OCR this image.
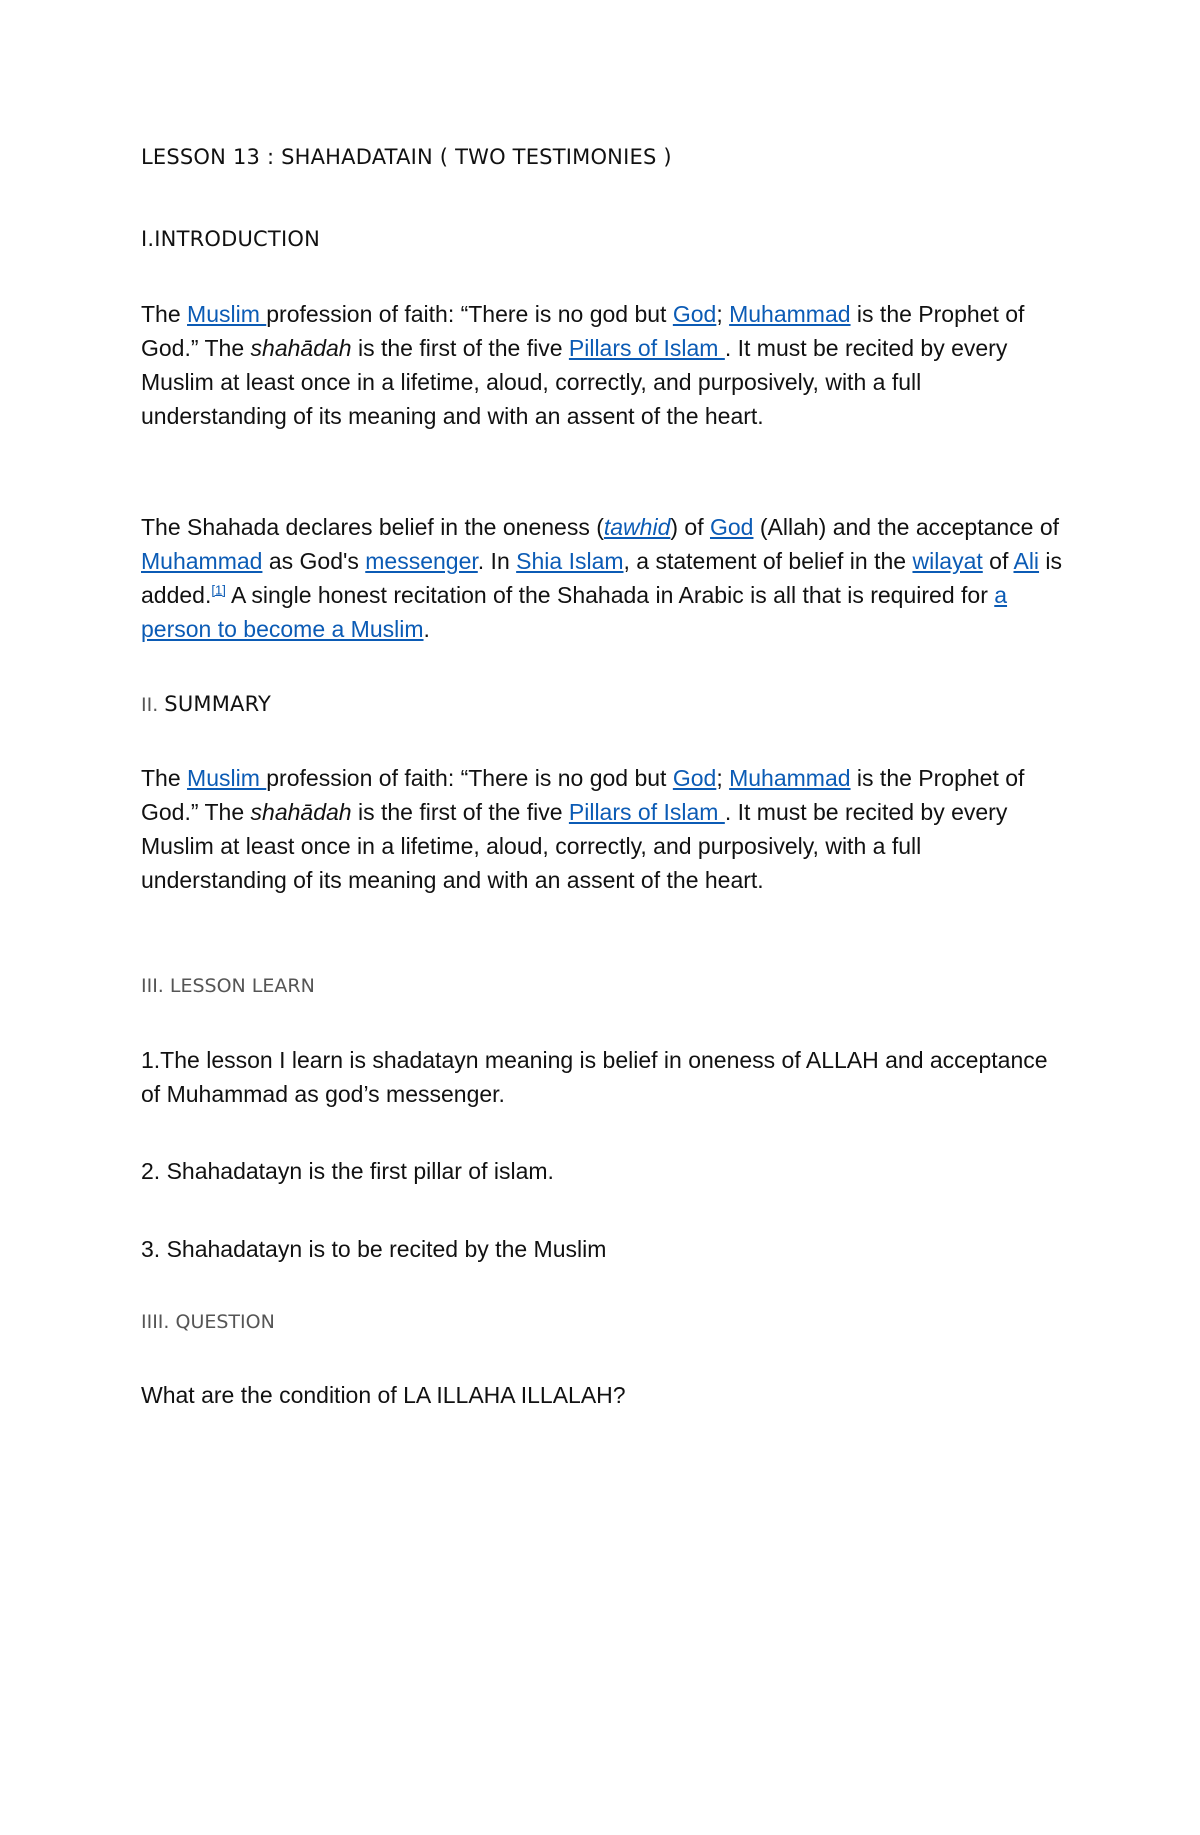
LESSON 13 : SHAHADATAIN ( TWO TESTIMONIES )

I.INTRODUCTION

The Muslim profession of faith: “There is no god but God; Muhammad is the Prophet of God.” The shahādah is the first of the five Pillars of Islam . It must be recited by every Muslim at least once in a lifetime, aloud, correctly, and purposively, with a full understanding of its meaning and with an assent of the heart.

The Shahada declares belief in the oneness (tawhid) of God (Allah) and the acceptance of Muhammad as God's messenger. In Shia Islam, a statement of belief in the wilayat of Ali is added.[1] A single honest recitation of the Shahada in Arabic is all that is required for a person to become a Muslim.

II. SUMMARY

The Muslim profession of faith: “There is no god but God; Muhammad is the Prophet of God.” The shahādah is the first of the five Pillars of Islam . It must be recited by every Muslim at least once in a lifetime, aloud, correctly, and purposively, with a full understanding of its meaning and with an assent of the heart.

III. LESSON LEARN

1.The lesson I learn is shadatayn meaning is belief in oneness of ALLAH and acceptance of Muhammad as god’s messenger.

2. Shahadatayn is the first pillar of islam.

3. Shahadatayn is to be recited by the Muslim

IIII. QUESTION

What are the condition of LA ILLAHA ILLALAH?
